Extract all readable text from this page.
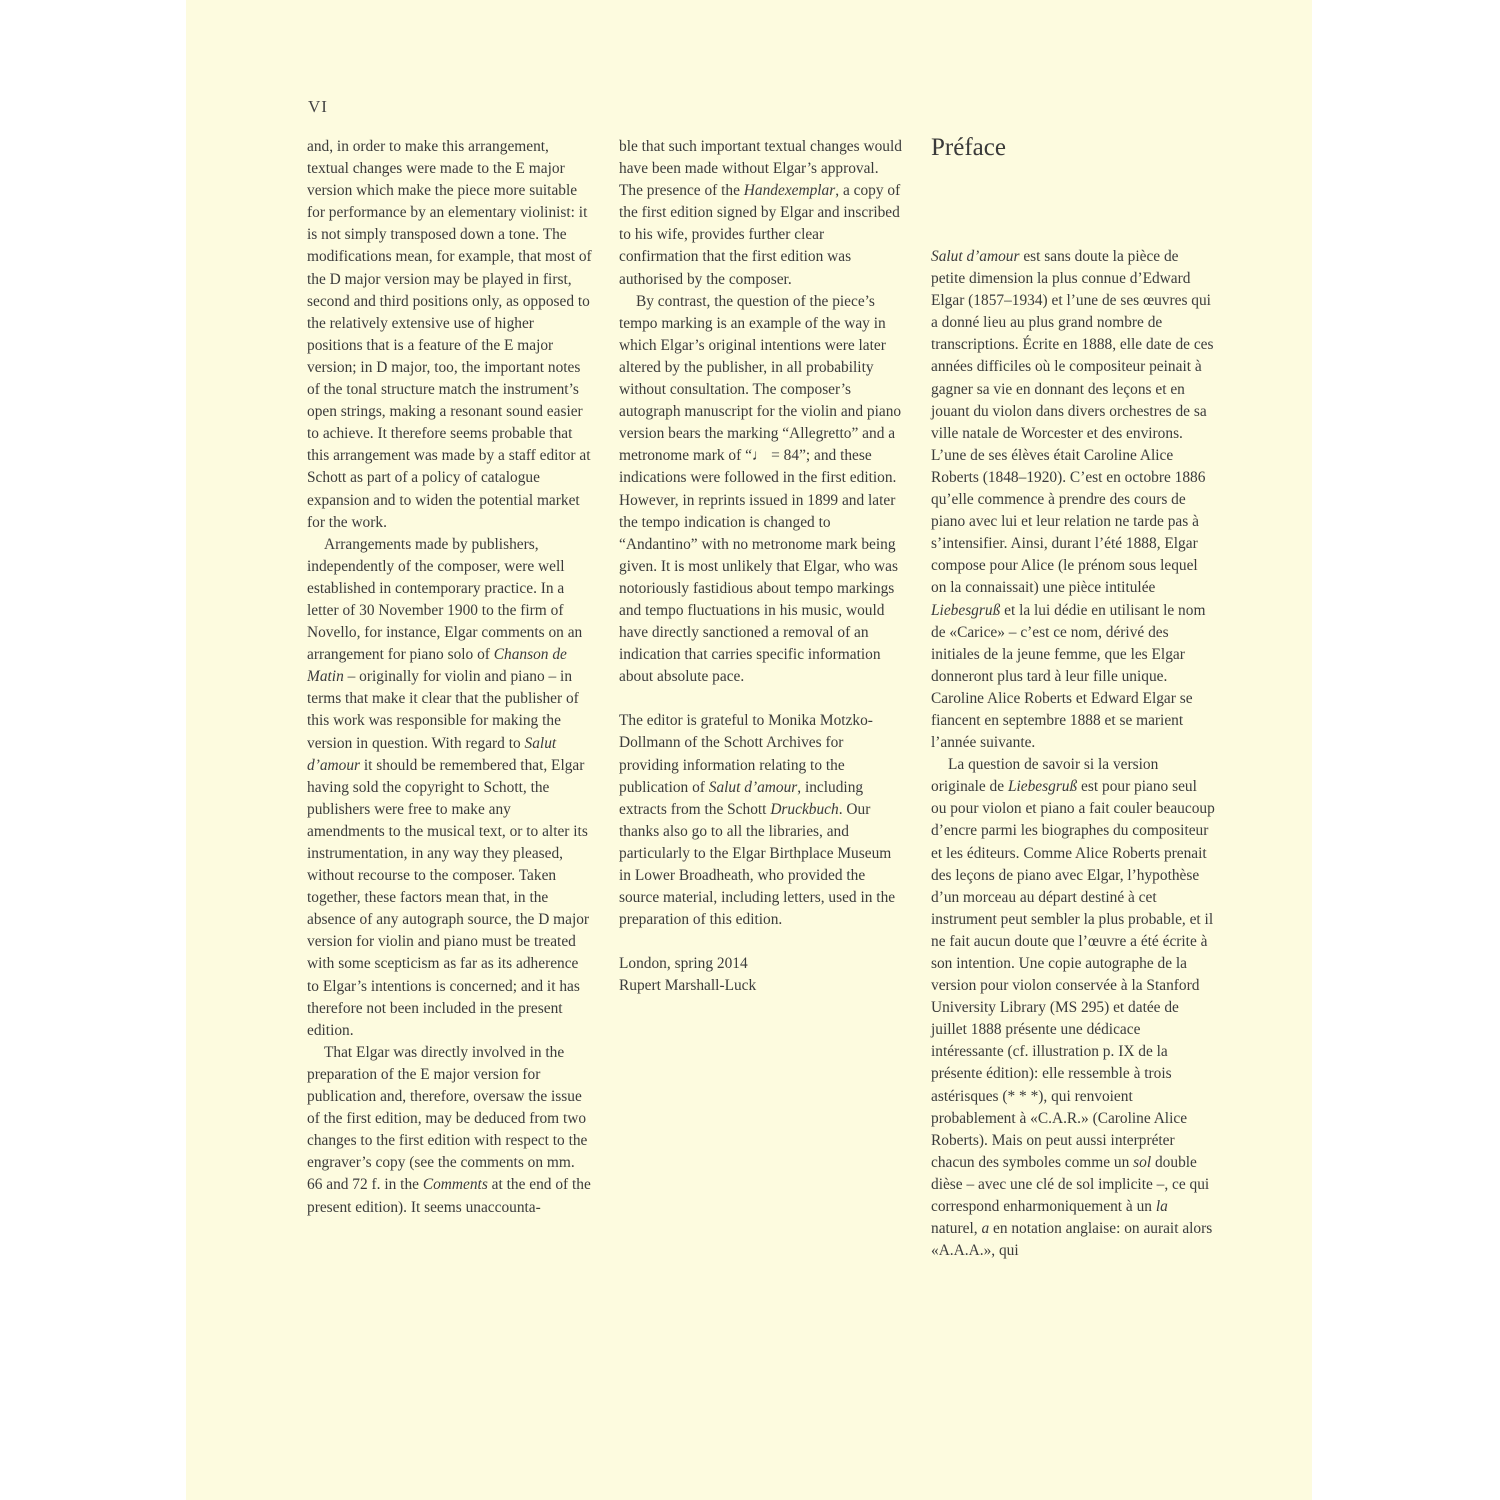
VI

and, in order to make this arrangement, textual changes were made to the E major version which make the piece more suitable for performance by an elementary violinist: it is not simply transposed down a tone. The modifications mean, for example, that most of the D major version may be played in first, second and third positions only, as opposed to the relatively extensive use of higher positions that is a feature of the E major version; in D major, too, the important notes of the tonal structure match the instrument’s open strings, making a resonant sound easier to achieve. It therefore seems probable that this arrangement was made by a staff editor at Schott as part of a policy of catalogue expansion and to widen the potential market for the work.

Arrangements made by publishers, independently of the composer, were well established in contemporary practice. In a letter of 30 November 1900 to the firm of Novello, for instance, Elgar comments on an arrangement for piano solo of Chanson de Matin – originally for violin and piano – in terms that make it clear that the publisher of this work was responsible for making the version in question. With regard to Salut d’amour it should be remembered that, Elgar having sold the copyright to Schott, the publishers were free to make any amendments to the musical text, or to alter its instrumentation, in any way they pleased, without recourse to the composer. Taken together, these factors mean that, in the absence of any autograph source, the D major version for violin and piano must be treated with some scepticism as far as its adherence to Elgar’s intentions is concerned; and it has therefore not been included in the present edition.

That Elgar was directly involved in the preparation of the E major version for publication and, therefore, oversaw the issue of the first edition, may be deduced from two changes to the first edition with respect to the engraver’s copy (see the comments on mm. 66 and 72 f. in the Comments at the end of the present edition). It seems unaccounta-

ble that such important textual changes would have been made without Elgar’s approval. The presence of the Handexemplar, a copy of the first edition signed by Elgar and inscribed to his wife, provides further clear confirmation that the first edition was authorised by the composer.

By contrast, the question of the piece’s tempo marking is an example of the way in which Elgar’s original intentions were later altered by the publisher, in all probability without consultation. The composer’s autograph manuscript for the violin and piano version bears the marking “Allegretto” and a metronome mark of “♩ = 84”; and these indications were followed in the first edition. However, in reprints issued in 1899 and later the tempo indication is changed to “Andantino” with no metronome mark being given. It is most unlikely that Elgar, who was notoriously fastidious about tempo markings and tempo fluctuations in his music, would have directly sanctioned a removal of an indication that carries specific information about absolute pace.

The editor is grateful to Monika Motzko-Dollmann of the Schott Archives for providing information relating to the publication of Salut d’amour, including extracts from the Schott Druckbuch. Our thanks also go to all the libraries, and particularly to the Elgar Birthplace Museum in Lower Broadheath, who provided the source material, including letters, used in the preparation of this edition.

London, spring 2014

Rupert Marshall-Luck

Préface

Salut d’amour est sans doute la pièce de petite dimension la plus connue d’Edward Elgar (1857–1934) et l’une de ses œuvres qui a donné lieu au plus grand nombre de transcriptions. Écrite en 1888, elle date de ces années difficiles où le compositeur peinait à gagner sa vie en donnant des leçons et en jouant du violon dans divers orchestres de sa ville natale de Worcester et des environs. L’une de ses élèves était Caroline Alice Roberts (1848–1920). C’est en octobre 1886 qu’elle commence à prendre des cours de piano avec lui et leur relation ne tarde pas à s’intensifier. Ainsi, durant l’été 1888, Elgar compose pour Alice (le prénom sous lequel on la connaissait) une pièce intitulée Liebesgruß et la lui dédie en utilisant le nom de «Carice» – c’est ce nom, dérivé des initiales de la jeune femme, que les Elgar donneront plus tard à leur fille unique. Caroline Alice Roberts et Edward Elgar se fiancent en septembre 1888 et se marient l’année suivante.

La question de savoir si la version originale de Liebesgruß est pour piano seul ou pour violon et piano a fait couler beaucoup d’encre parmi les biographes du compositeur et les éditeurs. Comme Alice Roberts prenait des leçons de piano avec Elgar, l’hypothèse d’un morceau au départ destiné à cet instrument peut sembler la plus probable, et il ne fait aucun doute que l’œuvre a été écrite à son intention. Une copie autographe de la version pour violon conservée à la Stanford University Library (MS 295) et datée de juillet 1888 présente une dédicace intéressante (cf. illustration p. IX de la présente édition): elle ressemble à trois astérisques (* * *), qui renvoient probablement à «C.A.R.» (Caroline Alice Roberts). Mais on peut aussi interpréter chacun des symboles comme un sol double dièse – avec une clé de sol implicite –, ce qui correspond enharmoniquement à un la naturel, a en notation anglaise: on aurait alors «A.A.A.», qui
